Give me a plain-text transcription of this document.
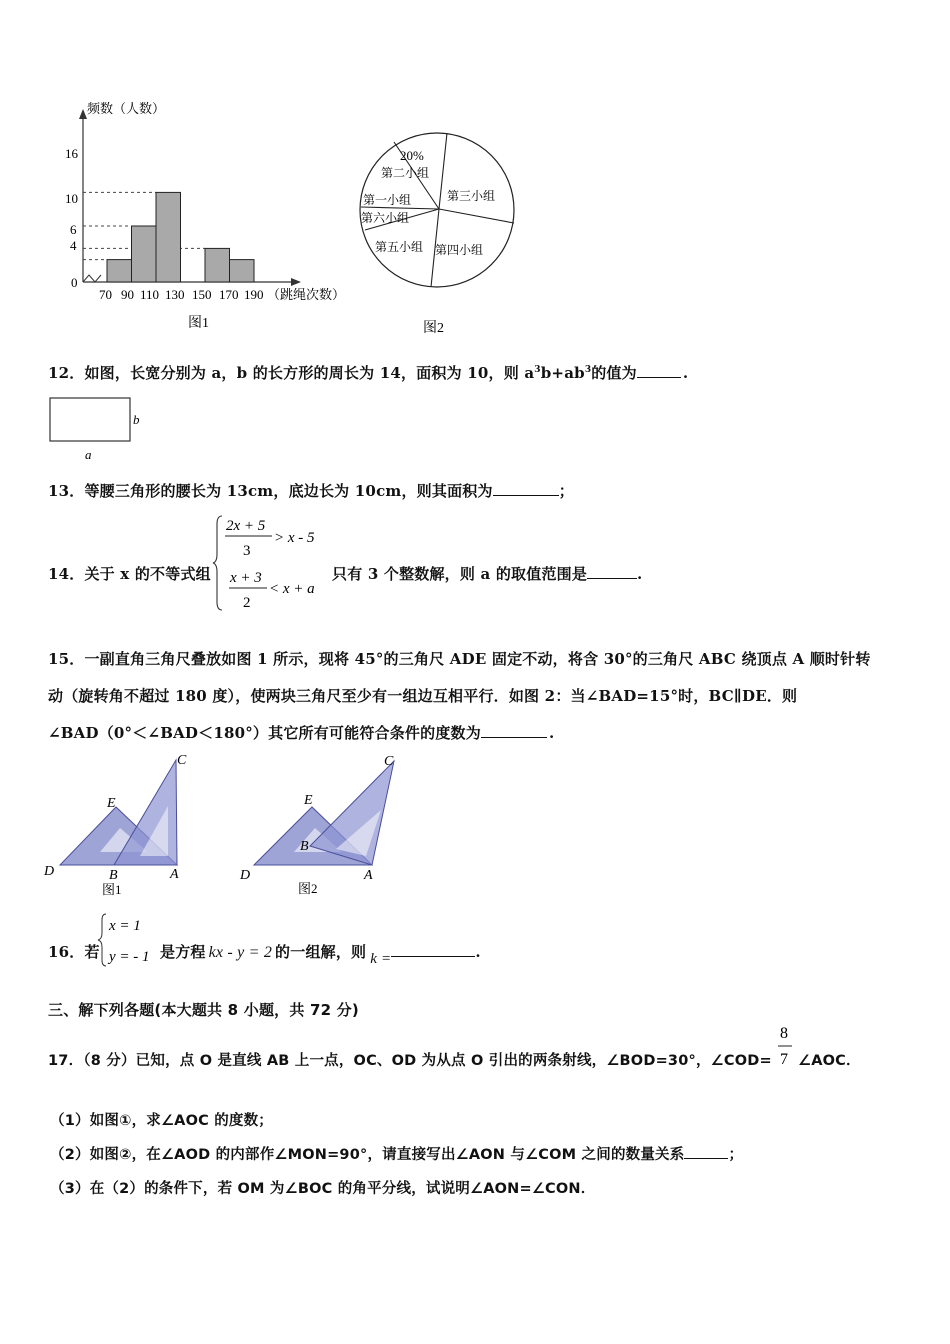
16
10
6
4
0
70 90 110 130 150 170 190 （跳绳次数）
频数（人数）
图1
20%
第二小组
第三小组
第一小组
第六小组
第五小组 第四小组
图2
12．如图，长宽分别为 a，b 的长方形的周长为 14，面积为 10，则 $a^3b+ab^3$的值为	.
b
a
13．等腰三角形的腰长为 13cm，底边长为 10cm，则其面积为	；
14．关于 x 的不等式组
2x + 5
3
> x - 5
x + 3
2
< x + a
只有 3 个整数解，则 a 的取值范围是	.
15．一副直角三角尺叠放如图 1 所示，现将 45°的三角尺 ADE 固定不动，将含 30°的三角尺 ABC 绕顶点 A 顺时针转
动（旋转角不超过 180 度），使两块三角尺至少有一组边互相平行．如图 2：当∠BAD=15°时，BC∥DE．则
∠BAD（0°＜∠BAD＜180°）其它所有可能符合条件的度数为	.
C
E
D	B	A
图1
C
E
B
D	A
图2
16．若
x = 1
y = - 1 是方程 kx - y = 2 的一组解，则 k =	.
三、解下列各题(本大题共 8 小题，共 72 分)
17．（8 分）已知，点 O 是直线 AB 上一点，OC、OD 为从点 O 引出的两条射线，∠BOD=30°，∠COD=
8
7 ∠AOC．
（1）如图①，求∠AOC 的度数；
（2）如图②，在∠AOD 的内部作∠MON=90°，请直接写出∠AON 与∠COM 之间的数量关系	；
（3）在（2）的条件下，若 OM 为∠BOC 的角平分线，试说明∠AON=∠CON．
